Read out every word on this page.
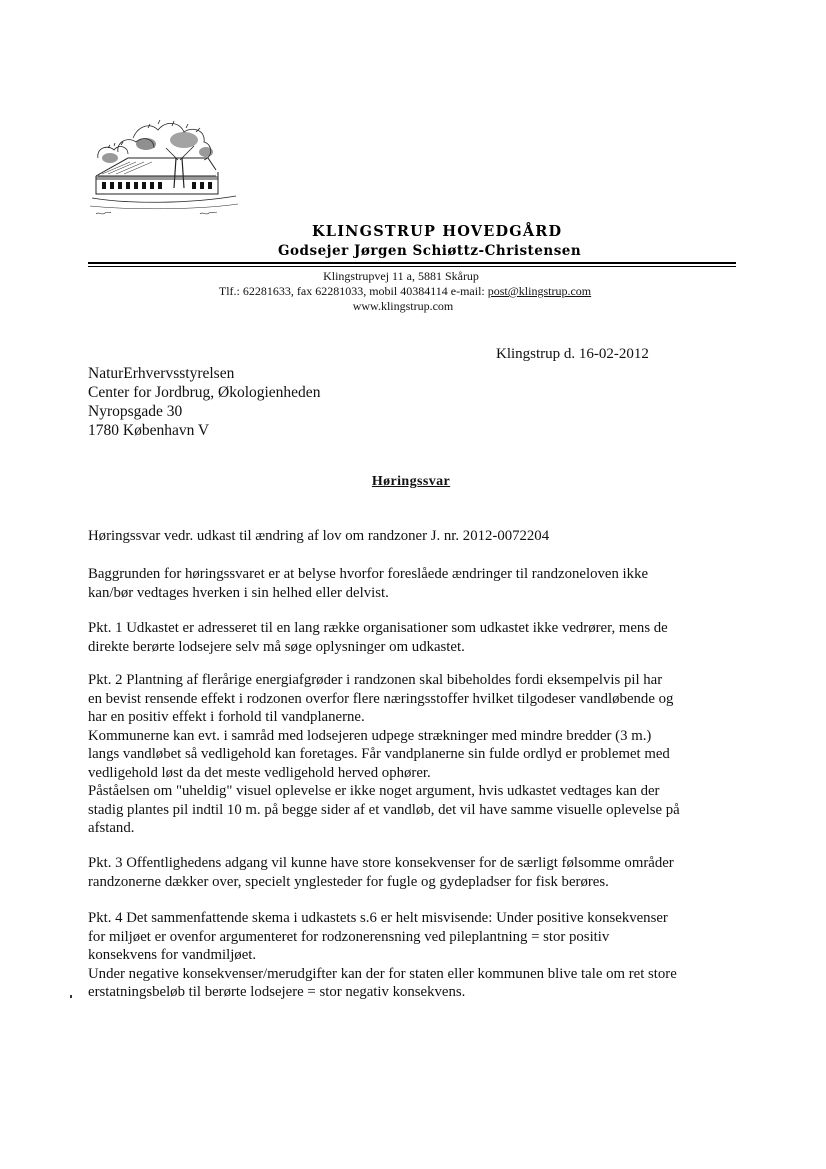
KLINGSTRUP HOVEDGÅRD
Godsejer Jørgen Schiøttz-Christensen
Klingstrupvej 11 a, 5881 Skårup
Tlf.: 62281633, fax 62281033, mobil 40384114 e-mail: post@klingstrup.com
www.klingstrup.com
Klingstrup d. 16-02-2012
NaturErhvervsstyrelsen
Center for Jordbrug, Økologienheden
Nyropsgade 30
1780 København V
Høringssvar
Høringssvar vedr. udkast til ændring af lov om randzoner J. nr. 2012-0072204
Baggrunden for høringssvaret er at belyse hvorfor foreslåede ændringer til randzoneloven ikke
kan/bør vedtages hverken i sin helhed eller delvist.
Pkt. 1 Udkastet er adresseret til en lang række organisationer som udkastet ikke vedrører, mens de
direkte berørte lodsejere selv må søge oplysninger om udkastet.
Pkt. 2 Plantning af flerårige energiafgrøder i randzonen skal bibeholdes fordi eksempelvis pil har
en bevist rensende effekt i rodzonen overfor flere næringsstoffer hvilket tilgodeser vandløbende og
har en positiv effekt i forhold til vandplanerne.
Kommunerne kan evt. i samråd med lodsejeren udpege strækninger med mindre bredder (3 m.)
langs vandløbet så vedligehold kan foretages. Får vandplanerne sin fulde ordlyd er problemet med
vedligehold løst da det meste vedligehold herved ophører.
Påståelsen om "uheldig" visuel oplevelse er ikke noget argument, hvis udkastet vedtages kan der
stadig plantes pil indtil 10 m. på begge sider af et vandløb, det vil have samme visuelle oplevelse på
afstand.
Pkt. 3 Offentlighedens adgang vil kunne have store konsekvenser for de særligt følsomme områder
randzonerne dækker over, specielt ynglesteder for fugle og gydepladser for fisk berøres.
Pkt. 4 Det sammenfattende skema i udkastets s.6 er helt misvisende: Under positive konsekvenser
for miljøet er ovenfor argumenteret for rodzonerensning ved pileplantning = stor positiv
konsekvens for vandmiljøet.
Under negative konsekvenser/merudgifter kan der for staten eller kommunen blive tale om ret store
erstatningsbeløb til berørte lodsejere = stor negativ konsekvens.
